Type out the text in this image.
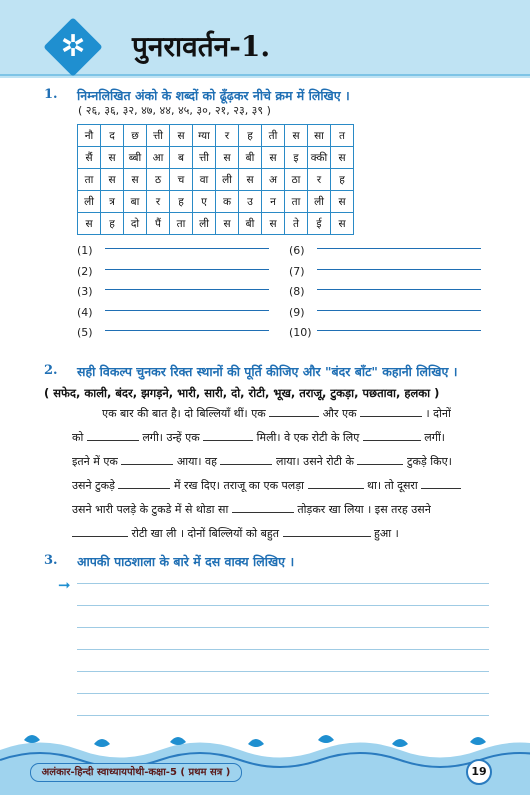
✲	पुनरावर्तन-1.
1. निम्नलिखित अंको के शब्दों को ढूँढ़कर नीचे क्रम में लिखिए ।
( २६, ३६, ३२, ४७, ४४, ४५, ३०, २१, २३, ३९ )
नौ	द	छ	त्ती	स	ग्या	र	ह	ती	स	सा	त
सैं	स	ब्बी	आ	ब	त्ती	स	बी	स	इ	क्की	स
ता	स	स	ठ	च	वा	ली	स	अ	ठा	र	ह
ली	त्र	बा	र	ह	ए	क	उ	न	ता	ली	स
स	ह	दो	पैं	ता	ली	स	बी	स	ते	ई	स
(1)
(2)
(3)
(4)
(5)
(6)
(7)
(8)
(9)
(10)
2. सही विकल्प चुनकर रिक्त स्थानों की पूर्ति कीजिए और "बंदर बाँट" कहानी लिखिए ।
( सफेद, काली, बंदर, झगड़ने, भारी, सारी, दो, रोटी, भूख, तराजू, टुकड़ा, पछतावा, हलका )
एक बार की बात है। दो बिल्लियाँ थीं। एक	और एक	। दोनों
को	लगी। उन्हें एक	मिली। वे एक रोटी के लिए	लगीं।
इतने में एक	आया। वह	लाया। उसने रोटी के	टुकड़े किए।
उसने टुकड़े	में रख दिए। तराजू का एक पलड़ा	था। तो दूसरा
उसने भारी पलड़े के टुकडे में से थोडा सा	तोड़कर खा लिया । इस तरह उसने
रोटी खा ली । दोनों बिल्लियों को बहुत	हुआ ।
3. आपकी पाठशाला के बारे में दस वाक्य लिखिए ।
➞
अलंकार-हिन्दी स्वाध्यायपोथी-कक्षा-5 ( प्रथम सत्र )	19
